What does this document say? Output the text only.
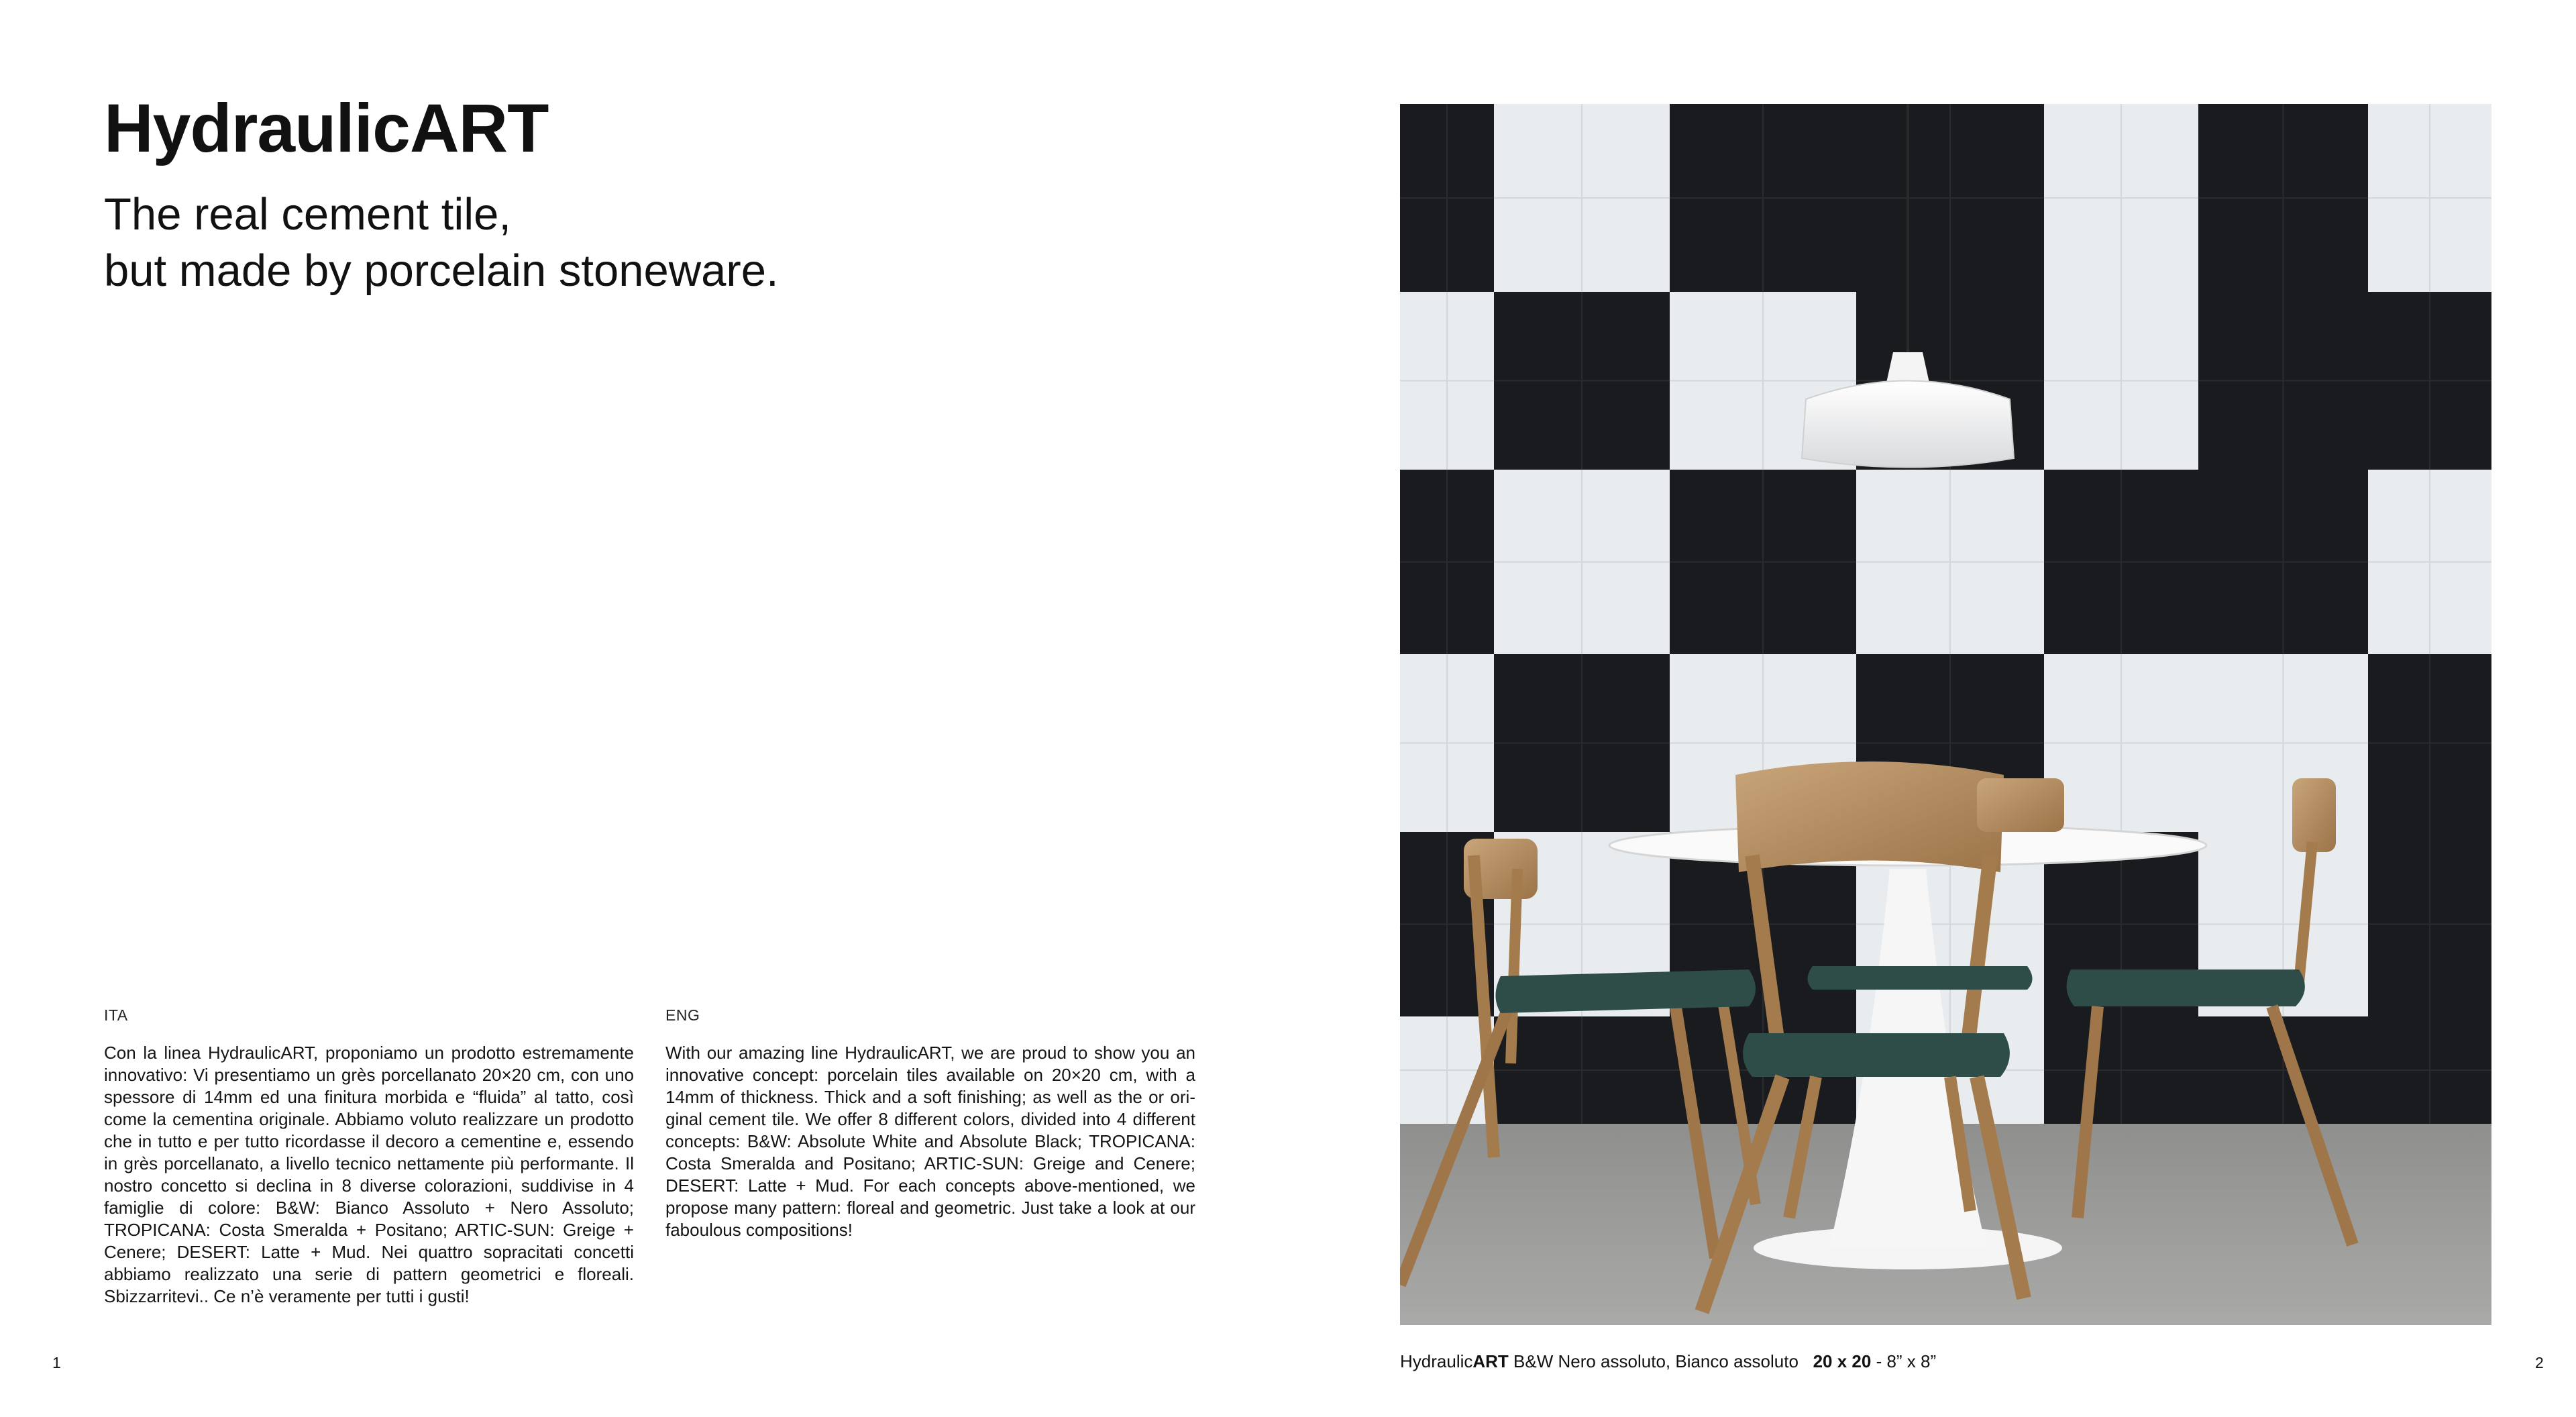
HydraulicART
The real cement tile,
but made by porcelain stoneware.
ITA
Con la linea HydraulicART, proponiamo un prodotto estremamente innovativo: Vi presentiamo un grès porcellanato 20×20 cm, con uno spessore di 14mm ed una finitura morbida e “fluida” al tatto, così come la cementina originale. Abbiamo voluto realizzare un prodotto che in tutto e per tutto ricordasse il decoro a cementine e, essendo in grès porcellanato, a livello tecnico nettamente più performante. Il nostro concetto si declina in 8 diverse colorazioni, suddivise in 4 famiglie di colore: B&W: Bianco Assoluto + Nero Assoluto; TROPICANA: Costa Smeralda + Positano; ARTIC-SUN: Greige + Cenere; DESERT: Latte + Mud. Nei quattro sopracitati concetti abbiamo realizzato una serie di pattern geometrici e floreali. Sbizzarritevi.. Ce n’è veramente per tutti i gusti!
ENG
With our amazing line HydraulicART, we are proud to show you an innovative concept: porcelain tiles available on 20×20 cm, with a 14mm of thickness. Thick and a soft finishing; as well as the or original cement tile. We offer 8 different colors, divided into 4 different concepts: B&W: Absolute White and Absolute Black; TROPICANA: Costa Smeralda and Positano; ARTIC-SUN: Greige and Cenere; DESERT: Latte + Mud. For each concepts above-mentioned, we propose many pattern: floreal and geometric. Just take a look at our faboulous compositions!
1	2
HydraulicART B&W Nero assoluto, Bianco assoluto   20 x 20 - 8” x 8”
